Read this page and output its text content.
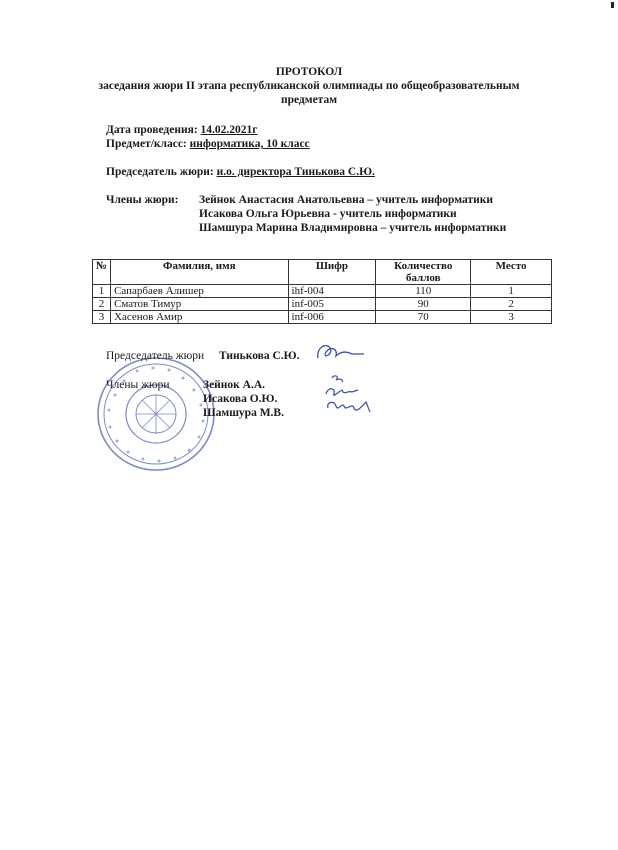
ПРОТОКОЛ
заседания жюри II этапа республиканской олимпиады по общеобразовательным
предметам
Дата проведения: 14.02.2021г
Предмет/класс: информатика, 10 класс
Председатель жюри: и.о. директора Тинькова С.Ю.
Члены жюри: Зейнок Анастасия Анатольевна – учитель информатики
Исакова Ольга Юрьевна - учитель информатики
Шамшура Марина Владимировна – учитель информатики
№	Фамилия, имя	Шифр	Количество баллов	Место
1	Сапарбаев Алишер	ihf-004	110	1
2	Сматов Тимур	inf-005	90	2
3	Хасенов Амир	inf-006	70	3
Председатель жюри Тинькова С.Ю.
Члены жюри	Зейнок А.А.
Исакова О.Ю.
Шамшура М.В.
